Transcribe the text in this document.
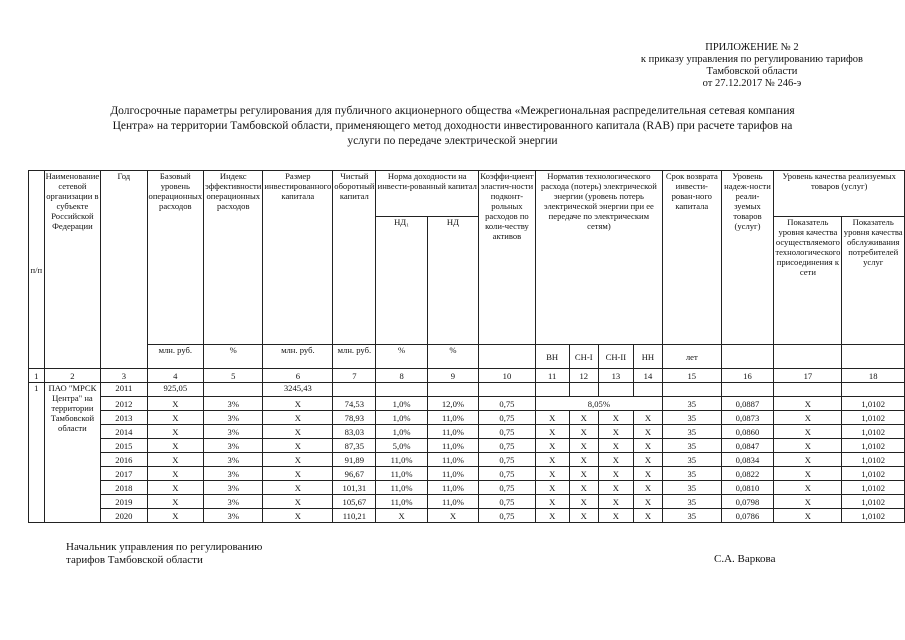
ПРИЛОЖЕНИЕ № 2
к приказу управления по регулированию тарифов
Тамбовской области
от 27.12.2017 № 246-э
Долгосрочные параметры регулирования для публичного акционерного общества «Межрегиональная распределительная сетевая компания
Центра» на территории Тамбовской области, применяющего метод доходности инвестированного капитала (RAB) при расчете тарифов на
услуги по передаче электрической энергии
п/п	Наименование сетевой организации в субъекте Российской Федерации	Год	Базовый уровень операционных расходов	Индекс эффективности операционных расходов	Размер инвестированного капитала	Чистый оборотный капитал	Норма доходности на инвести-рованный капитал		Коэффи-циент эластич-ности подконт-рольных расходов по коли-честву активов	Норматив технологического расхода (потерь) электрической энергии (уровень потерь электрической энергии при ее передаче по электрическим сетям)				Срок возврата инвести-рован-ного капитала	Уровень надеж-ности реали-зуемых товаров (услуг)	Уровень качества реализуемых товаров (услуг)	
							НД₁	НД								Показатель уровня качества осуществляемого технологического присоединения к сети	Показатель уровня качества обслуживания потребителей услуг
			млн. руб.	%	млн. руб.	млн. руб.	%	%		ВН	СН-I	СН-II	НН	лет			
1	2	3	4	5	6	7	8	9	10	11	12	13	14	15	16	17	18
1	ПАО "МРСК Центра" на территории Тамбовской области	2011	925,05		3245,43												
		2012	X	3%	X	74,53	1,0%	12,0%	0,75	8,05%				35	0,0887	X	1,0102
		2013	X	3%	X	78,93	1,0%	11,0%	0,75	X	X	X	X	35	0,0873	X	1,0102
		2014	X	3%	X	83,03	1,0%	11,0%	0,75	X	X	X	X	35	0,0860	X	1,0102
		2015	X	3%	X	87,35	5,0%	11,0%	0,75	X	X	X	X	35	0,0847	X	1,0102
		2016	X	3%	X	91,89	11,0%	11,0%	0,75	X	X	X	X	35	0,0834	X	1,0102
		2017	X	3%	X	96,67	11,0%	11,0%	0,75	X	X	X	X	35	0,0822	X	1,0102
		2018	X	3%	X	101,31	11,0%	11,0%	0,75	X	X	X	X	35	0,0810	X	1,0102
		2019	X	3%	X	105,67	11,0%	11,0%	0,75	X	X	X	X	35	0,0798	X	1,0102
		2020	X	3%	X	110,21	X	X	0,75	X	X	X	X	35	0,0786	X	1,0102
Начальник управления по регулированию
тарифов Тамбовской области	С.А. Варкова
